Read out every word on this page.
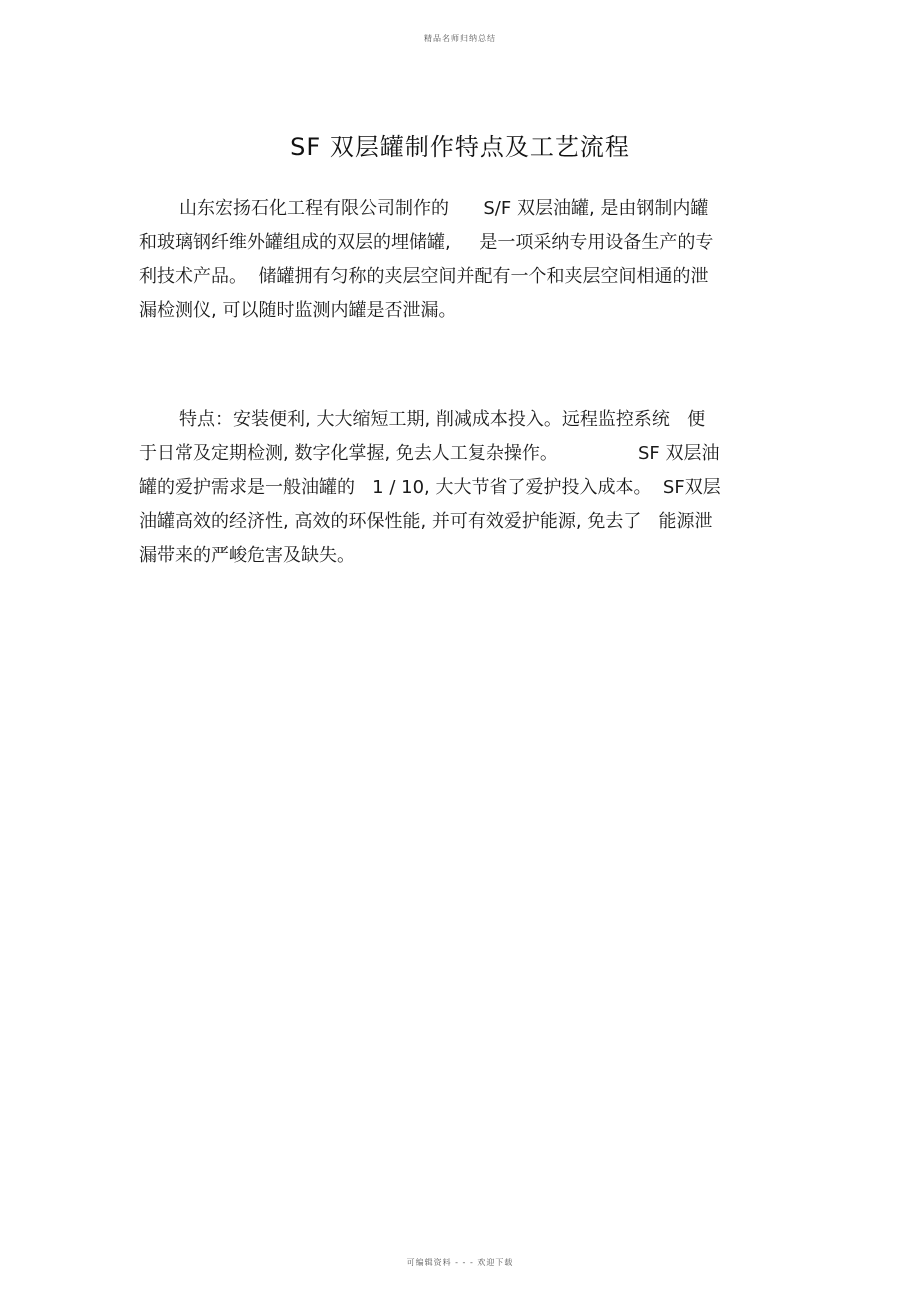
精品名师归纳总结
SF 双层罐制作特点及工艺流程

山东宏扬石化工程有限公司制作的      S/F 双层油罐, 是由钢制内罐
和玻璃钢纤维外罐组成的双层的埋储罐,     是一项采纳专用设备生产的专
利技术产品。  储罐拥有匀称的夹层空间并配有一个和夹层空间相通的泄
漏检测仪, 可以随时监测内罐是否泄漏。

特点：安装便利, 大大缩短工期, 削减成本投入。远程监控系统   便
于日常及定期检测, 数字化掌握, 免去人工复杂操作。              SF 双层油
罐的爱护需求是一般油罐的   1 / 10, 大大节省了爱护投入成本。  SF双层
油罐高效的经济性, 高效的环保性能, 并可有效爱护能源, 免去了   能源泄
漏带来的严峻危害及缺失。

可编辑资料 - - - 欢迎下载
